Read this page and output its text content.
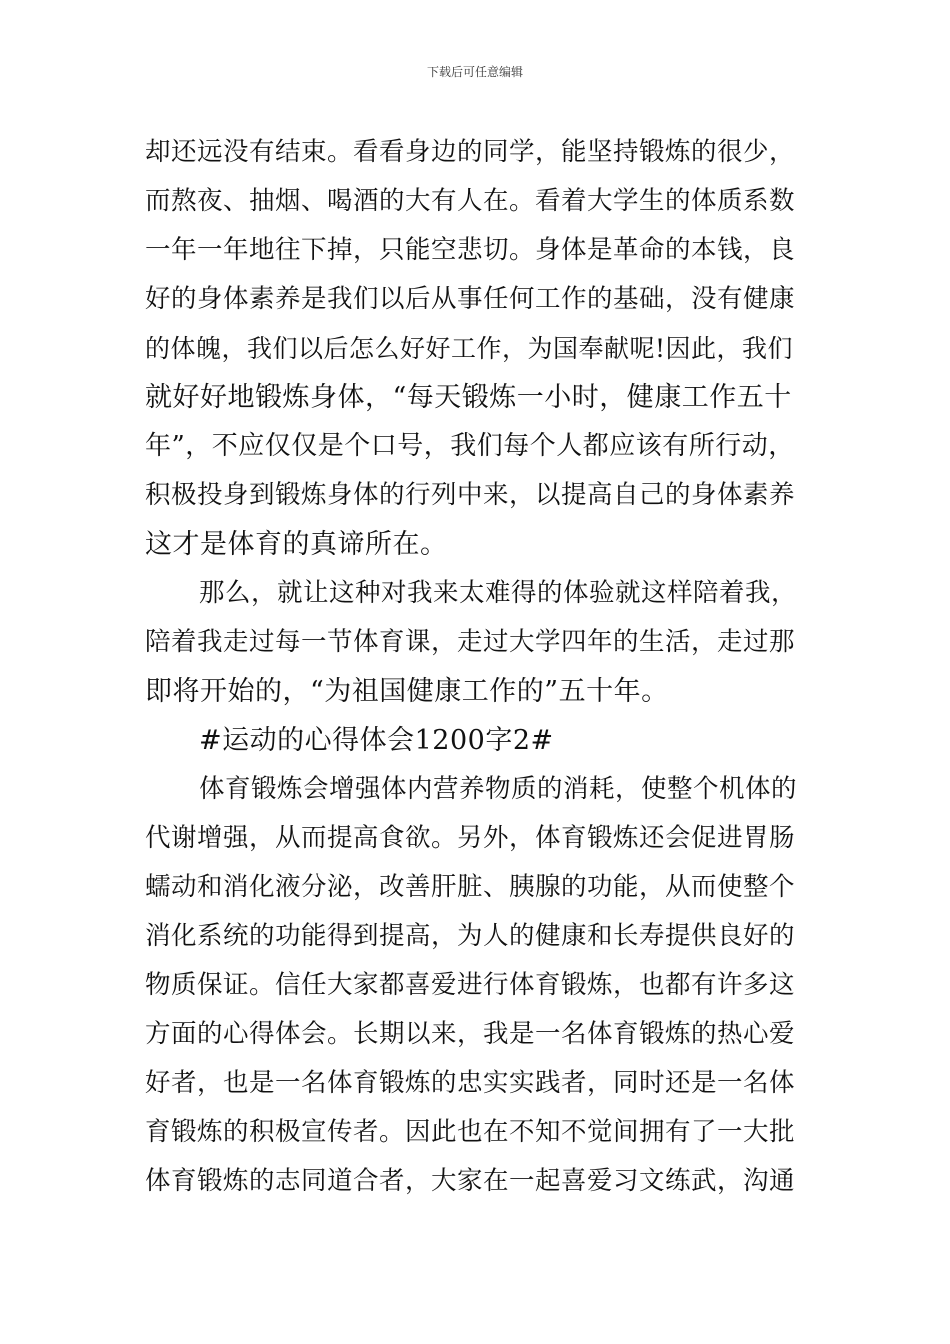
下载后可任意编辑
却还远没有结束。看看身边的同学，能坚持锻炼的很少，
而熬夜、抽烟、喝酒的大有人在。看着大学生的体质系数
一年一年地往下掉，只能空悲切。身体是革命的本钱，良
好的身体素养是我们以后从事任何工作的基础，没有健康
的体魄，我们以后怎么好好工作，为国奉献呢!因此，我们
就好好地锻炼身体，“每天锻炼一小时，健康工作五十
年”，不应仅仅是个口号，我们每个人都应该有所行动，
积极投身到锻炼身体的行列中来，以提高自己的身体素养
这才是体育的真谛所在。
那么，就让这种对我来太难得的体验就这样陪着我，
陪着我走过每一节体育课，走过大学四年的生活，走过那
即将开始的，“为祖国健康工作的”五十年。
#运动的心得体会1200字2#
体育锻炼会增强体内营养物质的消耗，使整个机体的
代谢增强，从而提高食欲。另外，体育锻炼还会促进胃肠
蠕动和消化液分泌，改善肝脏、胰腺的功能，从而使整个
消化系统的功能得到提高，为人的健康和长寿提供良好的
物质保证。信任大家都喜爱进行体育锻炼，也都有许多这
方面的心得体会。长期以来，我是一名体育锻炼的热心爱
好者，也是一名体育锻炼的忠实实践者，同时还是一名体
育锻炼的积极宣传者。因此也在不知不觉间拥有了一大批
体育锻炼的志同道合者，大家在一起喜爱习文练武，沟通
